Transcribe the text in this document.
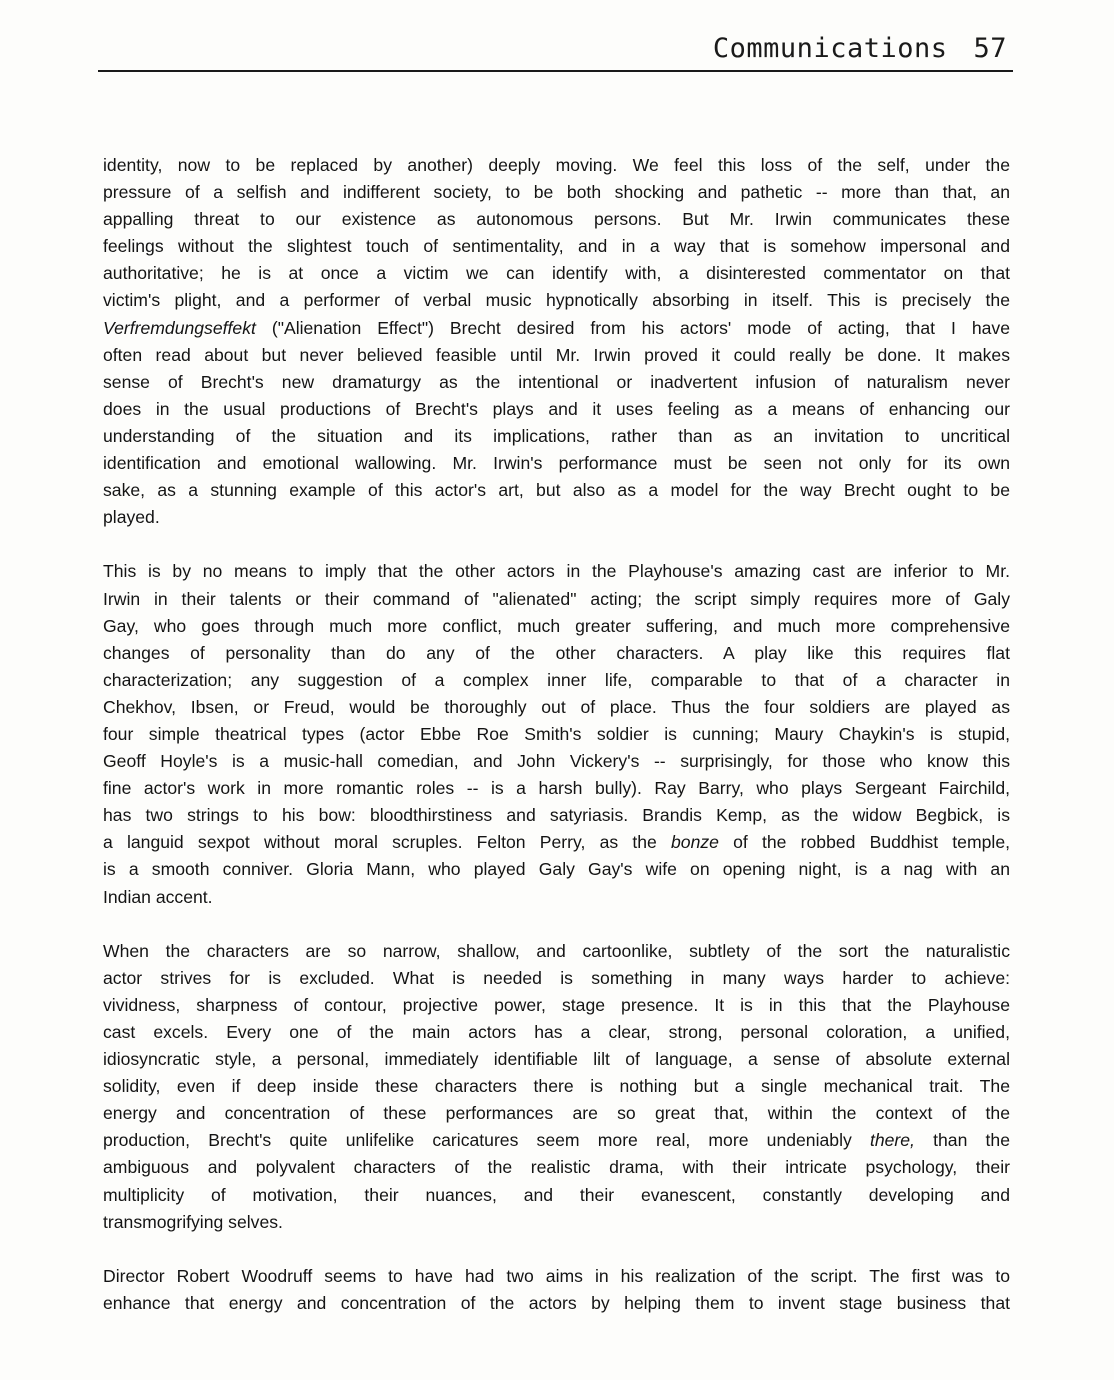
Communications 57
identity, now to be replaced by another) deeply moving. We feel this loss of the self, under the
pressure of a selfish and indifferent society, to be both shocking and pathetic -- more than that, an
appalling threat to our existence as autonomous persons. But Mr. Irwin communicates these
feelings without the slightest touch of sentimentality, and in a way that is somehow impersonal and
authoritative; he is at once a victim we can identify with, a disinterested commentator on that
victim's plight, and a performer of verbal music hypnotically absorbing in itself. This is precisely the
Verfremdungseffekt ("Alienation Effect") Brecht desired from his actors' mode of acting, that I have
often read about but never believed feasible until Mr. Irwin proved it could really be done. It makes
sense of Brecht's new dramaturgy as the intentional or inadvertent infusion of naturalism never
does in the usual productions of Brecht's plays and it uses feeling as a means of enhancing our
understanding of the situation and its implications, rather than as an invitation to uncritical
identification and emotional wallowing. Mr. Irwin's performance must be seen not only for its own
sake, as a stunning example of this actor's art, but also as a model for the way Brecht ought to be
played.
This is by no means to imply that the other actors in the Playhouse's amazing cast are inferior to Mr.
Irwin in their talents or their command of "alienated" acting; the script simply requires more of Galy
Gay, who goes through much more conflict, much greater suffering, and much more comprehensive
changes of personality than do any of the other characters. A play like this requires flat
characterization; any suggestion of a complex inner life, comparable to that of a character in
Chekhov, Ibsen, or Freud, would be thoroughly out of place. Thus the four soldiers are played as
four simple theatrical types (actor Ebbe Roe Smith's soldier is cunning; Maury Chaykin's is stupid,
Geoff Hoyle's is a music-hall comedian, and John Vickery's -- surprisingly, for those who know this
fine actor's work in more romantic roles -- is a harsh bully). Ray Barry, who plays Sergeant Fairchild,
has two strings to his bow: bloodthirstiness and satyriasis. Brandis Kemp, as the widow Begbick, is
a languid sexpot without moral scruples. Felton Perry, as the bonze of the robbed Buddhist temple,
is a smooth conniver. Gloria Mann, who played Galy Gay's wife on opening night, is a nag with an
Indian accent.
When the characters are so narrow, shallow, and cartoonlike, subtlety of the sort the naturalistic
actor strives for is excluded. What is needed is something in many ways harder to achieve:
vividness, sharpness of contour, projective power, stage presence. It is in this that the Playhouse
cast excels. Every one of the main actors has a clear, strong, personal coloration, a unified,
idiosyncratic style, a personal, immediately identifiable lilt of language, a sense of absolute external
solidity, even if deep inside these characters there is nothing but a single mechanical trait. The
energy and concentration of these performances are so great that, within the context of the
production, Brecht's quite unlifelike caricatures seem more real, more undeniably there, than the
ambiguous and polyvalent characters of the realistic drama, with their intricate psychology, their
multiplicity of motivation, their nuances, and their evanescent, constantly developing and
transmogrifying selves.
Director Robert Woodruff seems to have had two aims in his realization of the script. The first was to
enhance that energy and concentration of the actors by helping them to invent stage business that
